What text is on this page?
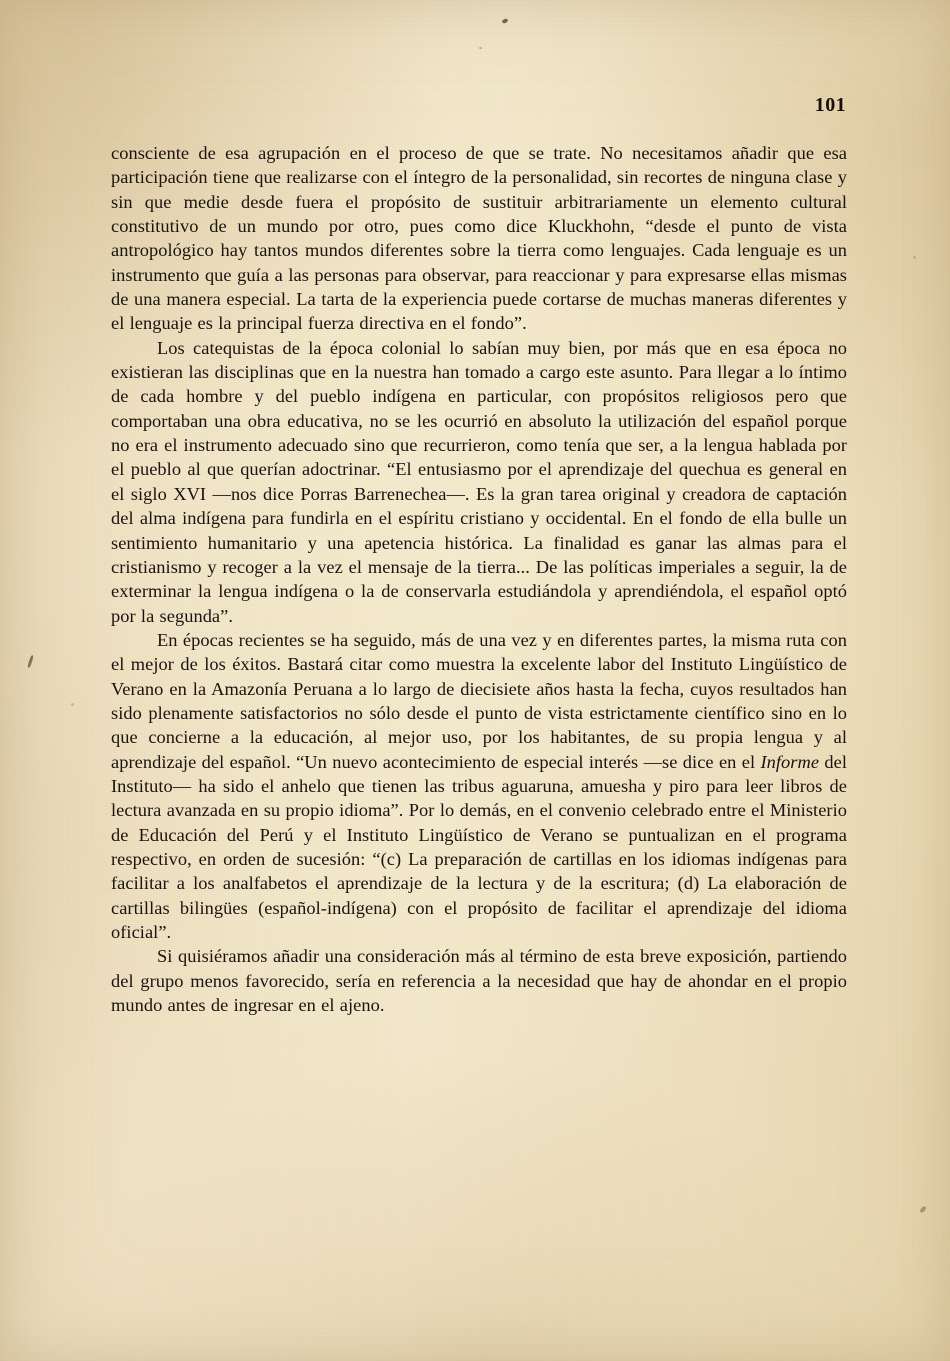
101

consciente de esa agrupación en el proceso de que se trate. No necesitamos añadir que esa participación tiene que realizarse con el íntegro de la personalidad, sin recortes de ninguna clase y sin que medie desde fuera el propósito de sustituir arbitrariamente un elemento cultural constitutivo de un mundo por otro, pues como dice Kluckhohn, “desde el punto de vista antropológico hay tantos mundos diferentes sobre la tierra como lenguajes. Cada lenguaje es un instrumento que guía a las personas para observar, para reaccionar y para expresarse ellas mismas de una manera especial. La tarta de la experiencia puede cortarse de muchas maneras diferentes y el lenguaje es la principal fuerza directiva en el fondo”.

Los catequistas de la época colonial lo sabían muy bien, por más que en esa época no existieran las disciplinas que en la nuestra han tomado a cargo este asunto. Para llegar a lo íntimo de cada hombre y del pueblo indígena en particular, con propósitos religiosos pero que comportaban una obra educativa, no se les ocurrió en absoluto la utilización del español porque no era el instrumento adecuado sino que recurrieron, como tenía que ser, a la lengua hablada por el pueblo al que querían adoctrinar. “El entusiasmo por el aprendizaje del quechua es general en el siglo XVI —nos dice Porras Barrenechea—. Es la gran tarea original y creadora de captación del alma indígena para fundirla en el espíritu cristiano y occidental. En el fondo de ella bulle un sentimiento humanitario y una apetencia histórica. La finalidad es ganar las almas para el cristianismo y recoger a la vez el mensaje de la tierra... De las políticas imperiales a seguir, la de exterminar la lengua indígena o la de conservarla estudiándola y aprendiéndola, el español optó por la segunda”.

En épocas recientes se ha seguido, más de una vez y en diferentes partes, la misma ruta con el mejor de los éxitos. Bastará citar como muestra la excelente labor del Instituto Lingüístico de Verano en la Amazonía Peruana a lo largo de diecisiete años hasta la fecha, cuyos resultados han sido plenamente satisfactorios no sólo desde el punto de vista estrictamente científico sino en lo que concierne a la educación, al mejor uso, por los habitantes, de su propia lengua y al aprendizaje del español. “Un nuevo acontecimiento de especial interés —se dice en el Informe del Instituto— ha sido el anhelo que tienen las tribus aguaruna, amuesha y piro para leer libros de lectura avanzada en su propio idioma”. Por lo demás, en el convenio celebrado entre el Ministerio de Educación del Perú y el Instituto Lingüístico de Verano se puntualizan en el programa respectivo, en orden de sucesión: “(c) La preparación de cartillas en los idiomas indígenas para facilitar a los analfabetos el aprendizaje de la lectura y de la escritura; (d) La elaboración de cartillas bilingües (español-indígena) con el propósito de facilitar el aprendizaje del idioma oficial”.

Si quisiéramos añadir una consideración más al término de esta breve exposición, partiendo del grupo menos favorecido, sería en referencia a la necesidad que hay de ahondar en el propio mundo antes de ingresar en el ajeno.
